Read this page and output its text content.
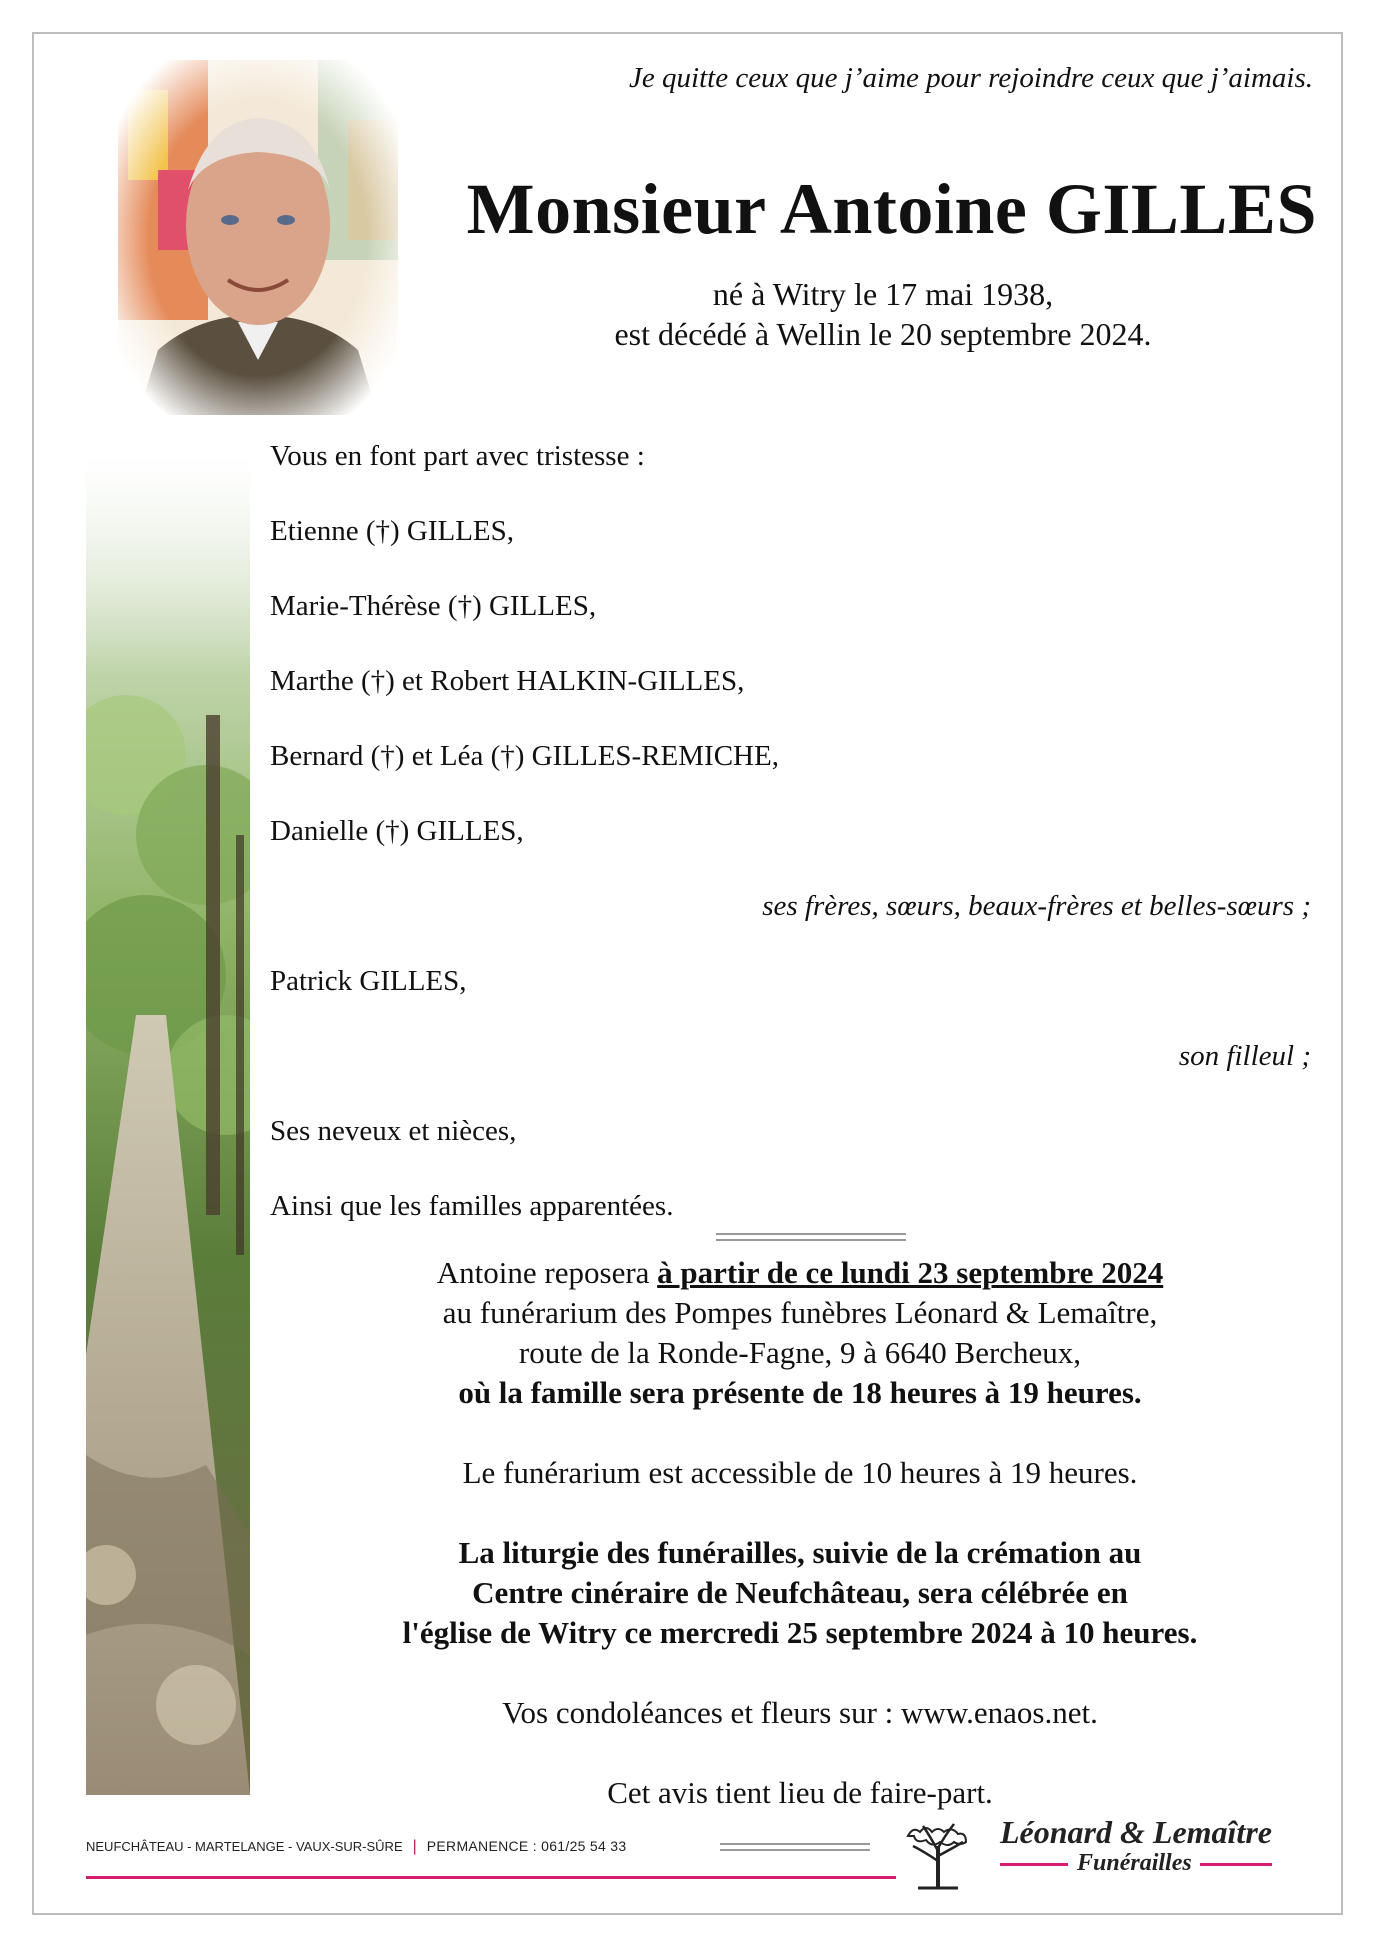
Je quitte ceux que j’aime pour rejoindre ceux que j’aimais.
Monsieur Antoine GILLES
né à Witry le 17 mai 1938,
est décédé à Wellin le 20 septembre 2024.
Vous en font part avec tristesse :
Etienne (†) GILLES,
Marie-Thérèse (†) GILLES,
Marthe (†) et Robert HALKIN-GILLES,
Bernard (†) et Léa (†) GILLES-REMICHE,
Danielle (†) GILLES,
ses frères, sœurs, beaux-frères et belles-sœurs ;
Patrick GILLES,
son filleul ;
Ses neveux et nièces,
Ainsi que les familles apparentées.
Antoine reposera à partir de ce lundi 23 septembre 2024
au funérarium des Pompes funèbres Léonard & Lemaître,
route de la Ronde-Fagne, 9 à 6640 Bercheux,
où la famille sera présente de 18 heures à 19 heures.
Le funérarium est accessible de 10 heures à 19 heures.
La liturgie des funérailles, suivie de la crémation au
Centre cinéraire de Neufchâteau, sera célébrée en
l'église de Witry ce mercredi 25 septembre 2024 à 10 heures.
Vos condoléances et fleurs sur : www.enaos.net.
Cet avis tient lieu de faire-part.
NEUFCHÂTEAU - MARTELANGE - VAUX-SUR-SÛRE | PERMANENCE : 061/25 54 33	Léonard & Lemaître
Funérailles
